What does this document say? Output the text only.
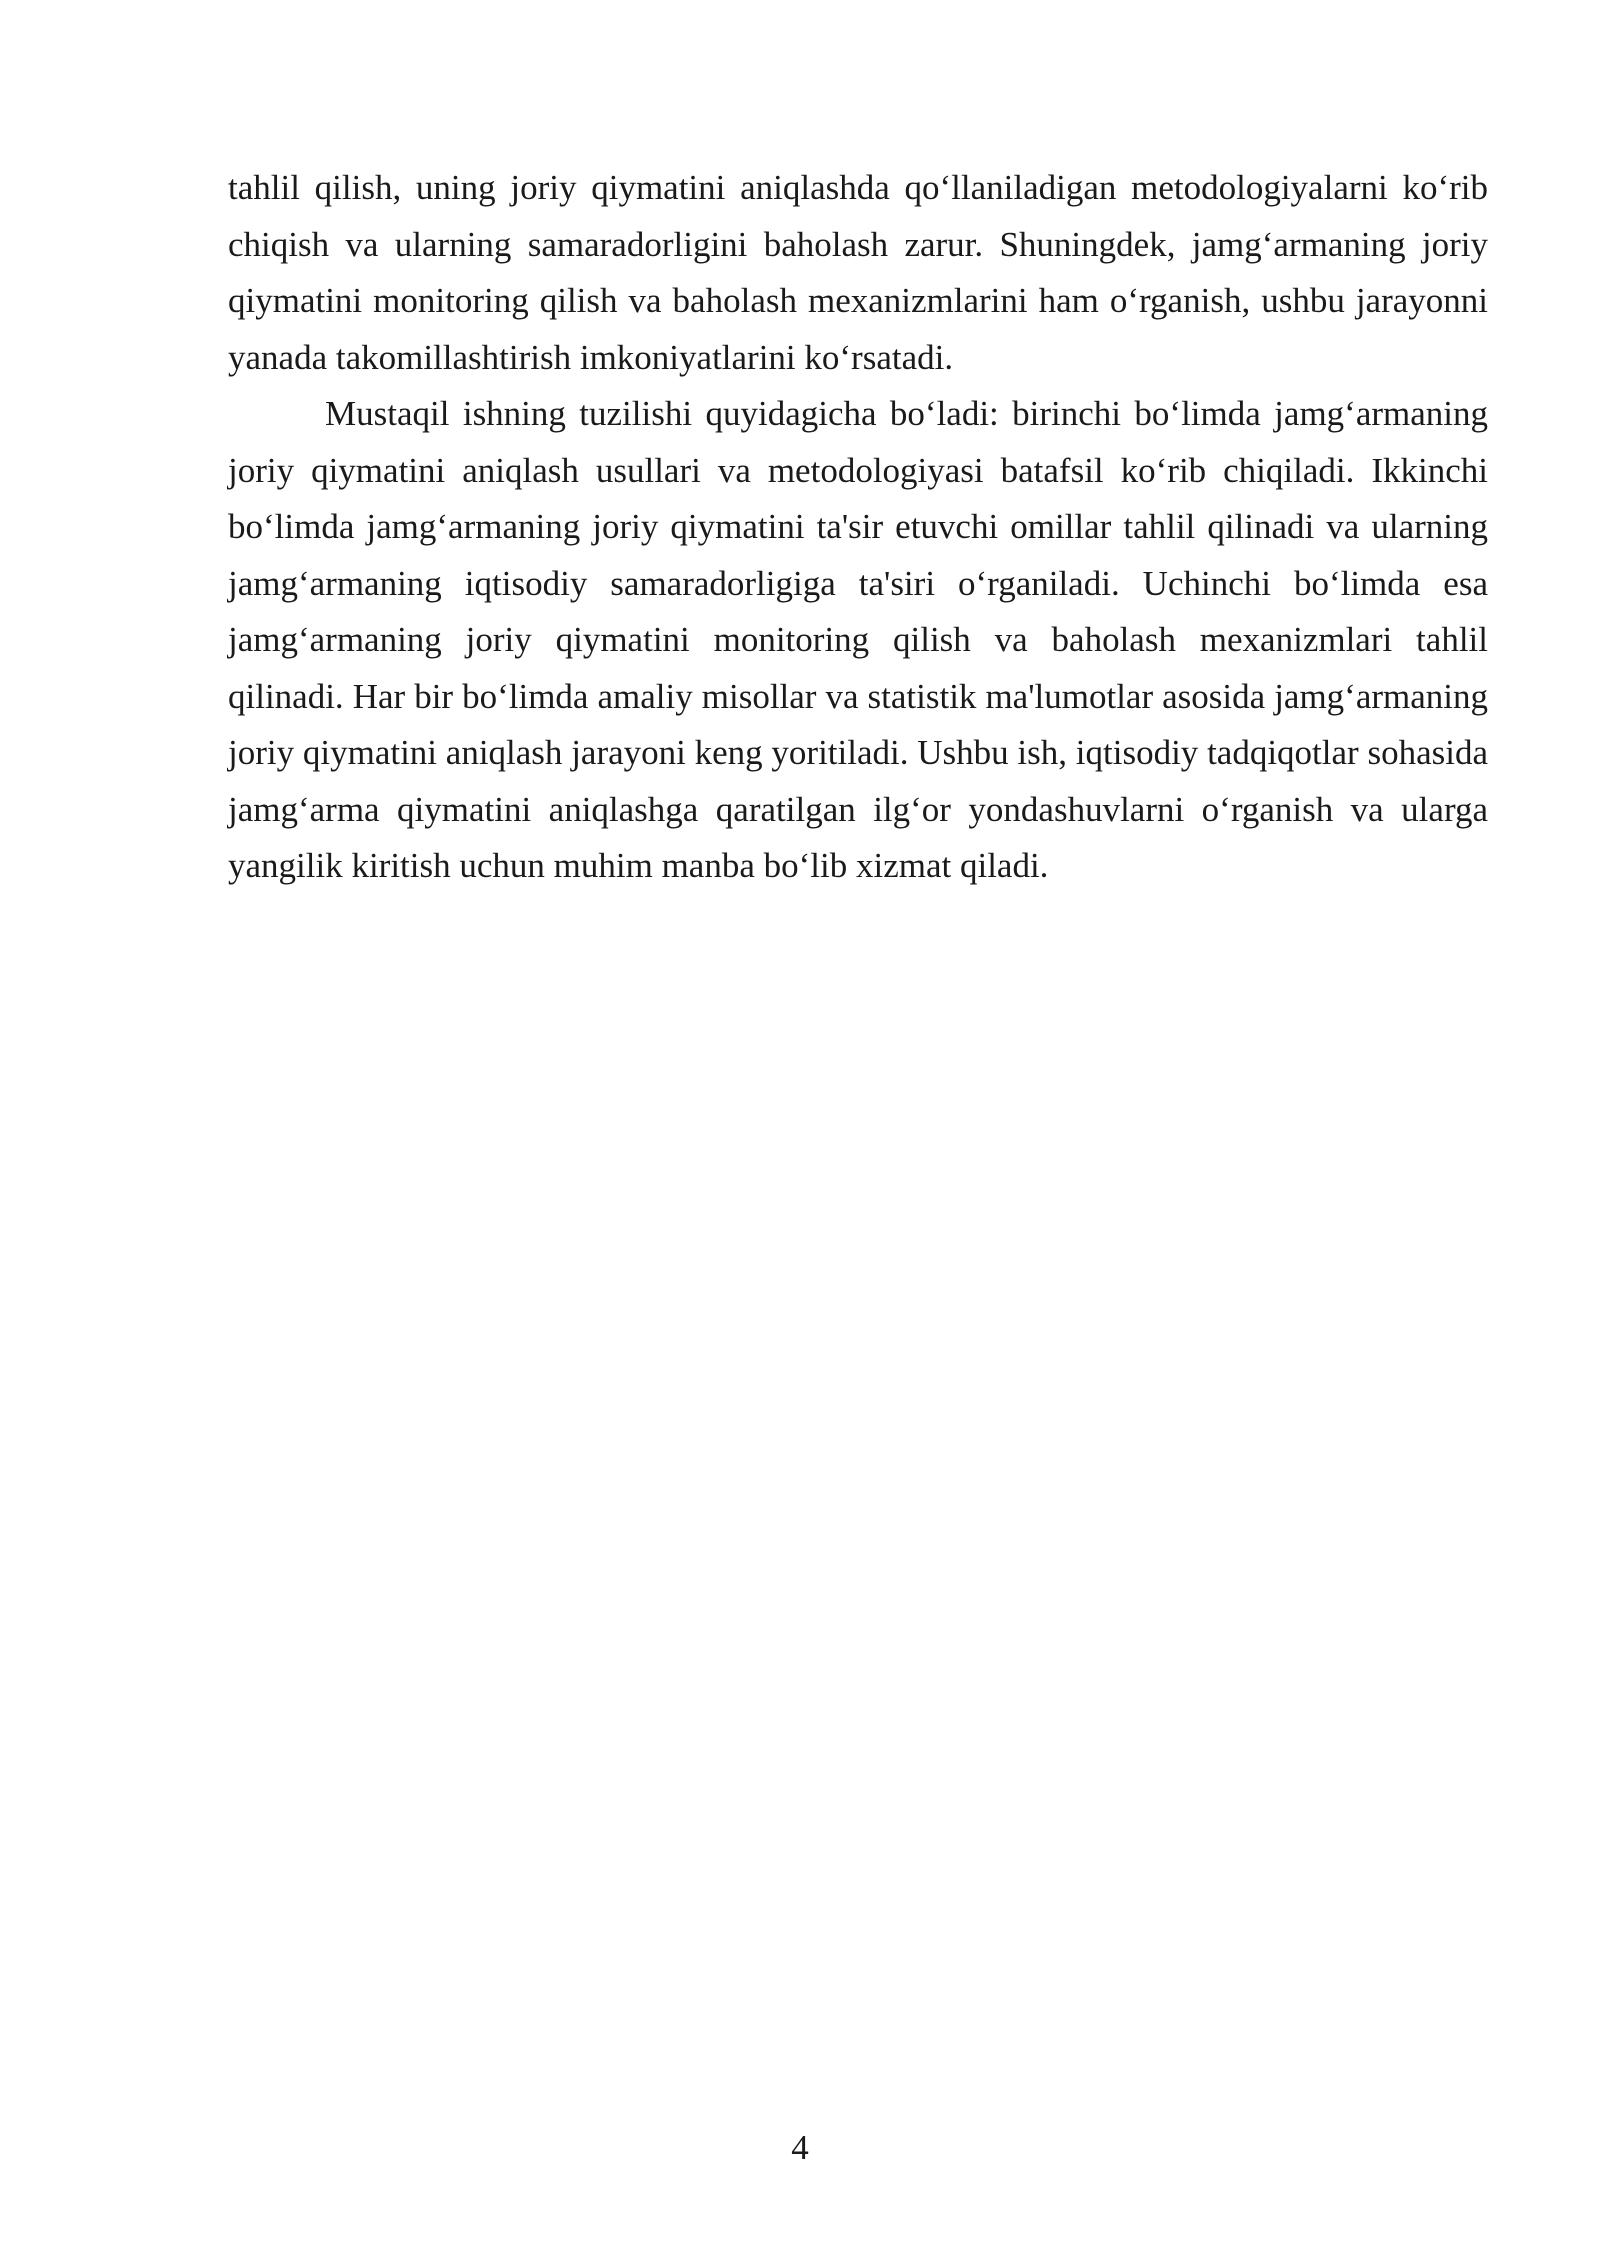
tahlil qilish, uning joriy qiymatini aniqlashda qo‘llaniladigan metodologiyalarni ko‘rib chiqish va ularning samaradorligini baholash zarur. Shuningdek, jamg‘armaning joriy qiymatini monitoring qilish va baholash mexanizmlarini ham o‘rganish, ushbu jarayonni yanada takomillashtirish imkoniyatlarini ko‘rsatadi.

Mustaqil ishning tuzilishi quyidagicha bo‘ladi: birinchi bo‘limda jamg‘armaning joriy qiymatini aniqlash usullari va metodologiyasi batafsil ko‘rib chiqiladi. Ikkinchi bo‘limda jamg‘armaning joriy qiymatini ta'sir etuvchi omillar tahlil qilinadi va ularning jamg‘armaning iqtisodiy samaradorligiga ta'siri o‘rganiladi. Uchinchi bo‘limda esa jamg‘armaning joriy qiymatini monitoring qilish va baholash mexanizmlari tahlil qilinadi. Har bir bo‘limda amaliy misollar va statistik ma'lumotlar asosida jamg‘armaning joriy qiymatini aniqlash jarayoni keng yoritiladi. Ushbu ish, iqtisodiy tadqiqotlar sohasida jamg‘arma qiymatini aniqlashga qaratilgan ilg‘or yondashuvlarni o‘rganish va ularga yangilik kiritish uchun muhim manba bo‘lib xizmat qiladi.

4
